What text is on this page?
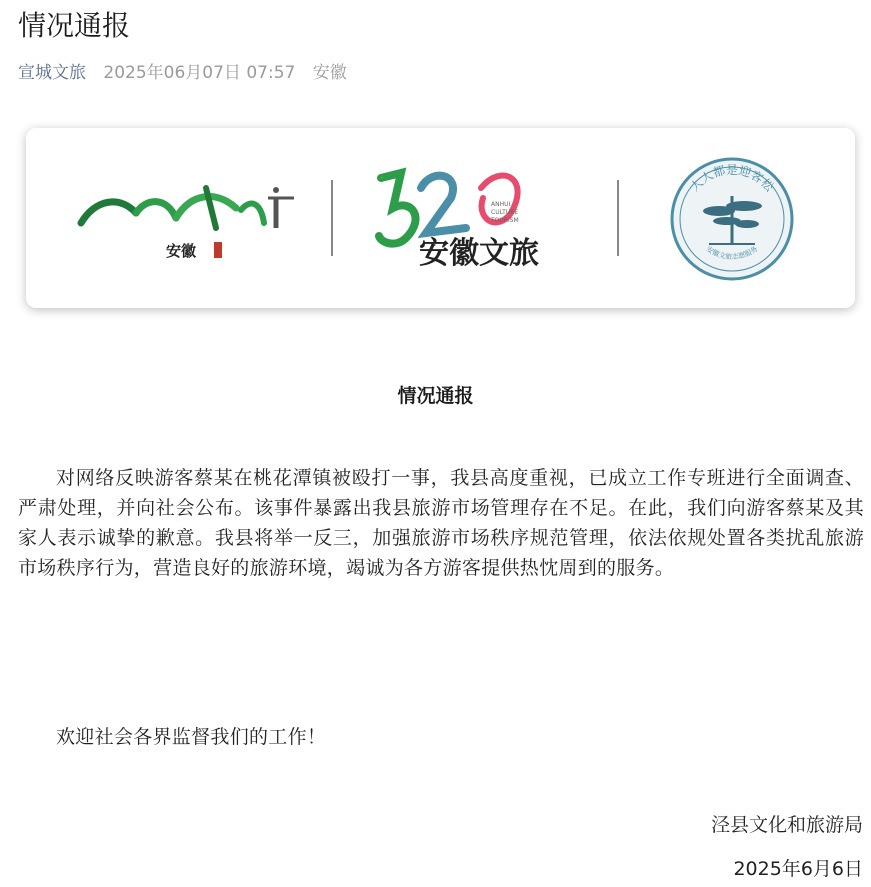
情况通报
宣城文旅 2025年06月07日 07:57 安徽
安徽
AnHui
ANHUI
CULTURE
TOURISM
520
安徽文旅
人人都是迎客松
安徽文旅志愿服务
情况通报

对网络反映游客蔡某在桃花潭镇被殴打一事，我县高度重视，已成立工作专班进行全面调查、严肃处理，并向社会公布。该事件暴露出我县旅游市场管理存在不足。在此，我们向游客蔡某及其家人表示诚挚的歉意。我县将举一反三，加强旅游市场秩序规范管理，依法依规处置各类扰乱旅游市场秩序行为，营造良好的旅游环境，竭诚为各方游客提供热忱周到的服务。

欢迎社会各界监督我们的工作！

泾县文化和旅游局
2025年6月6日
